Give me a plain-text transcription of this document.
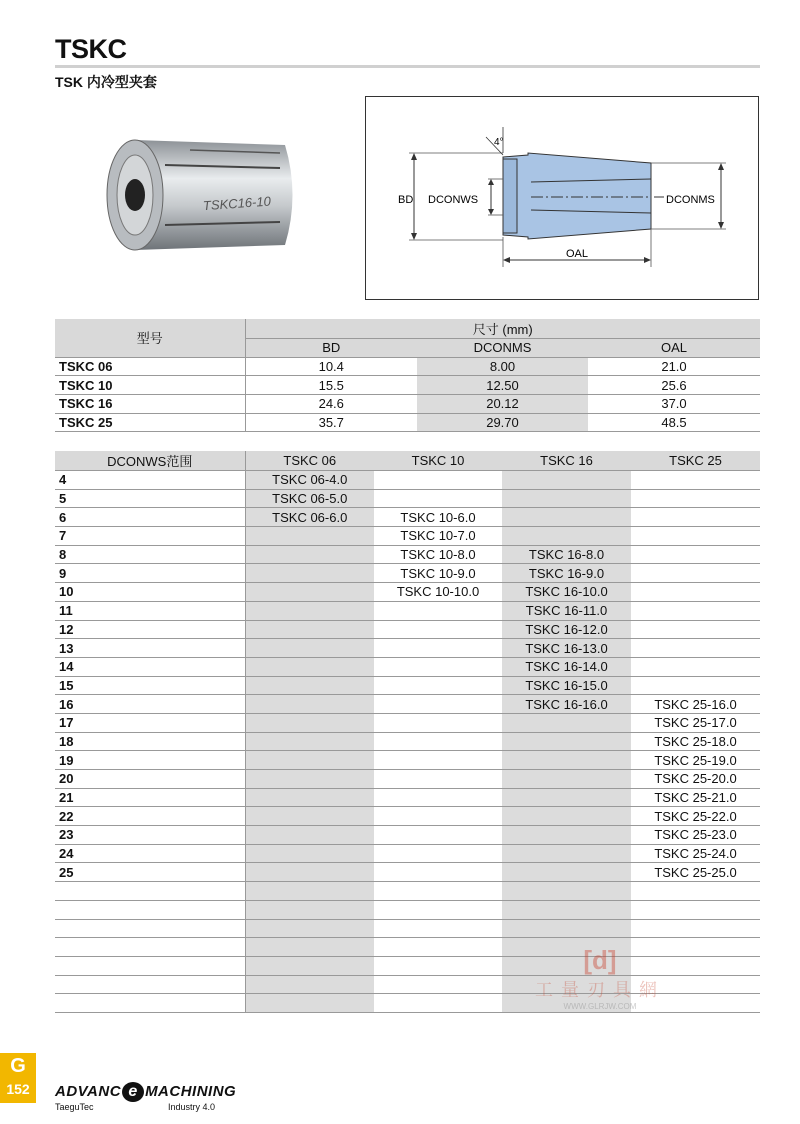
TSKC
TSK 内冷型夹套
TSKC16-10	BD DCONWS	DCONMS
OAL
4°
型号	尺寸 (mm)		
	BD	DCONMS	OAL
TSKC 06	10.4	8.00	21.0
TSKC 10	15.5	12.50	25.6
TSKC 16	24.6	20.12	37.0
TSKC 25	35.7	29.70	48.5
DCONWS范围	TSKC 06	TSKC 10	TSKC 16	TSKC 25
4	TSKC 06-4.0			
5	TSKC 06-5.0			
6	TSKC 06-6.0	TSKC 10-6.0		
7		TSKC 10-7.0		
8		TSKC 10-8.0	TSKC 16-8.0	
9		TSKC 10-9.0	TSKC 16-9.0	
10		TSKC 10-10.0	TSKC 16-10.0	
11			TSKC 16-11.0	
12			TSKC 16-12.0	
13			TSKC 16-13.0	
14			TSKC 16-14.0	
15			TSKC 16-15.0	
16			TSKC 16-16.0	TSKC 25-16.0
17				TSKC 25-17.0
18				TSKC 25-18.0
19				TSKC 25-19.0
20				TSKC 25-20.0
21				TSKC 25-21.0
22				TSKC 25-22.0
23				TSKC 25-23.0
24				TSKC 25-24.0
25				TSKC 25-25.0

[d]
工量刃具網
WWW.GLRJW.COM
G
152	ADVANC e MACHINING
TaeguTec	Industry 4.0
